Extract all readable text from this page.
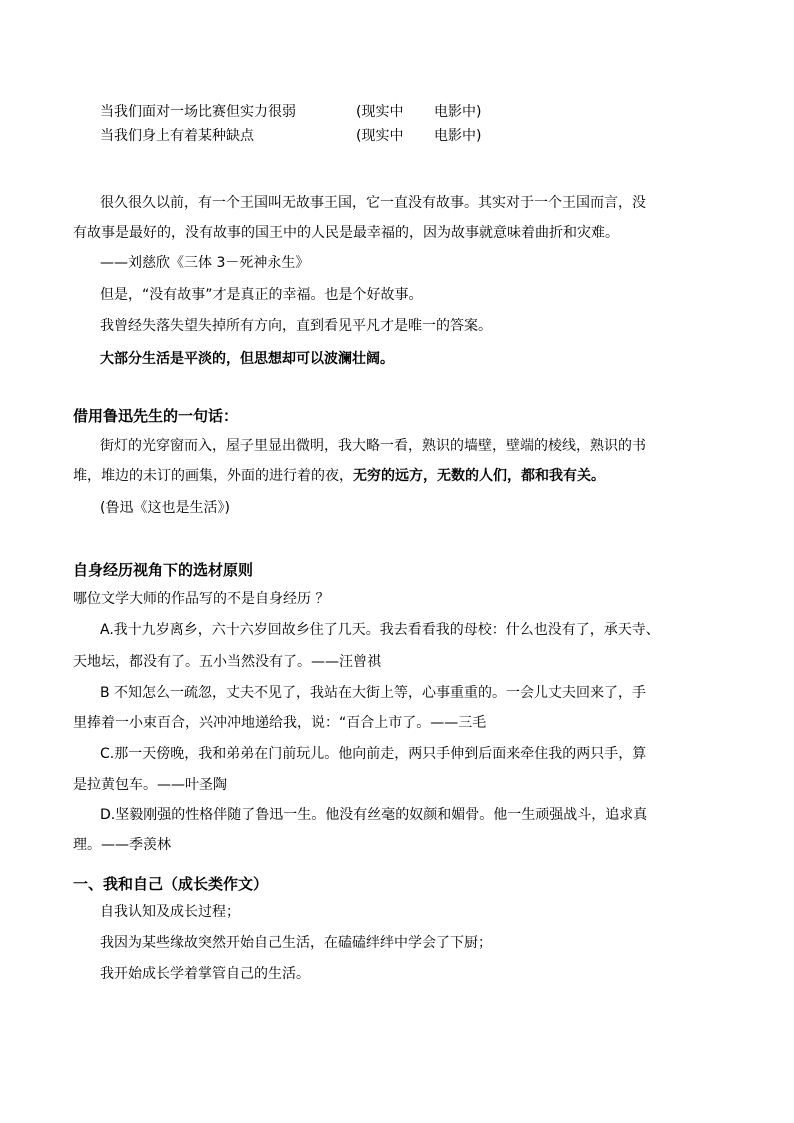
当我们面对一场比赛但实力很弱	(现实中 电影中)
当我们身上有着某种缺点	(现实中 电影中)
很久很久以前，有一个王国叫无故事王国，它一直没有故事。其实对于一个王国而言，没
有故事是最好的，没有故事的国王中的人民是最幸福的，因为故事就意味着曲折和灾难。
——刘慈欣《三体 3－死神永生》
但是，“没有故事”才是真正的幸福。也是个好故事。
我曾经失落失望失掉所有方向，直到看见平凡才是唯一的答案。
大部分生活是平淡的，但思想却可以波澜壮阔。
借用鲁迅先生的一句话：
街灯的光穿窗而入，屋子里显出微明，我大略一看，熟识的墙壁，壁端的棱线，熟识的书
堆，堆边的未订的画集，外面的进行着的夜，无穷的远方，无数的人们，都和我有关。
(鲁迅《这也是生活》)
自身经历视角下的选材原则
哪位文学大师的作品写的不是自身经历 ？
A.我十九岁离乡，六十六岁回故乡住了几天。我去看看我的母校：什么也没有了，承天寺、
天地坛，都没有了。五小当然没有了。——汪曾祺
B 不知怎么一疏忽，丈夫不见了，我站在大街上等，心事重重的。一会儿丈夫回来了，手
里捧着一小束百合，兴冲冲地递给我，说：“百合上市了。——三毛
C.那一天傍晚，我和弟弟在门前玩儿。他向前走，两只手伸到后面来牵住我的两只手，算
是拉黄包车。——叶圣陶
D.坚毅刚强的性格伴随了鲁迅一生。他没有丝毫的奴颜和媚骨。他一生顽强战斗，追求真
理。——季羡林
一、我和自己（成长类作文）
自我认知及成长过程；
我因为某些缘故突然开始自己生活，在磕磕绊绊中学会了下厨；
我开始成长学着掌管自己的生活。
